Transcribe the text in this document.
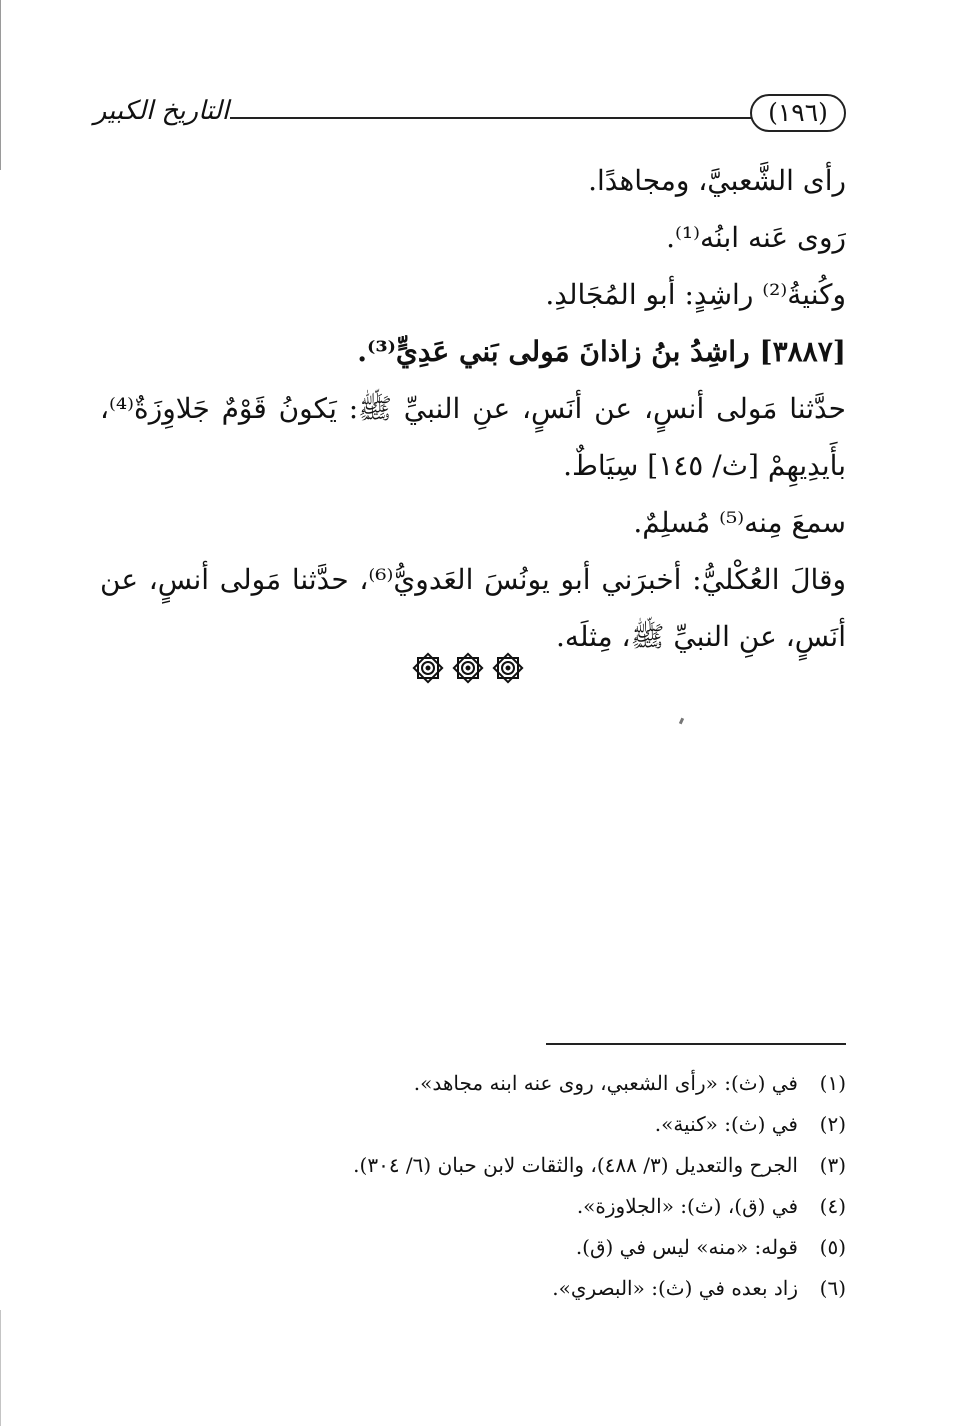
(١٩٦)
التاريخ الكبير

رأى الشَّعبيَّ، ومجاهدًا.

رَوى عَنه ابنُه⁽¹⁾.

وكُنيةُ⁽²⁾ راشِدٍ: أبو المُجَالدِ.

[٣٨٨٧] راشِدُ بنُ زاذانَ مَولى بَني عَدِيٍّ⁽³⁾.

حدَّثنا مَولى أنسٍ، عن أنَسٍ، عنِ النبيِّ ﷺ: يَكونُ قَوْمٌ جَلاوِزَةٌ⁽⁴⁾، بأَيدِيهِمْ [ث/ ١٤٥] سِيَاطٌ.

سمعَ مِنه⁽⁵⁾ مُسلِمٌ.

وقالَ العُكْليُّ: أخبرَني أبو يونُسَ العَدويُّ⁽⁶⁾، حدَّثنا مَولى أنسٍ، عن أنَسٍ، عنِ النبيِّ ﷺ، مِثلَه.

(١)
في (ث): «رأى الشعبي، روى عنه ابنه مجاهد».
(٢)
في (ث): «كنية».
(٣)
الجرح والتعديل (٣/ ٤٨٨)، والثقات لابن حبان (٦/ ٣٠٤).
(٤)
في (ق)، (ث): «الجلاوزة».
(٥)
قوله: «منه» ليس في (ق).
(٦)
زاد بعده في (ث): «البصري».
